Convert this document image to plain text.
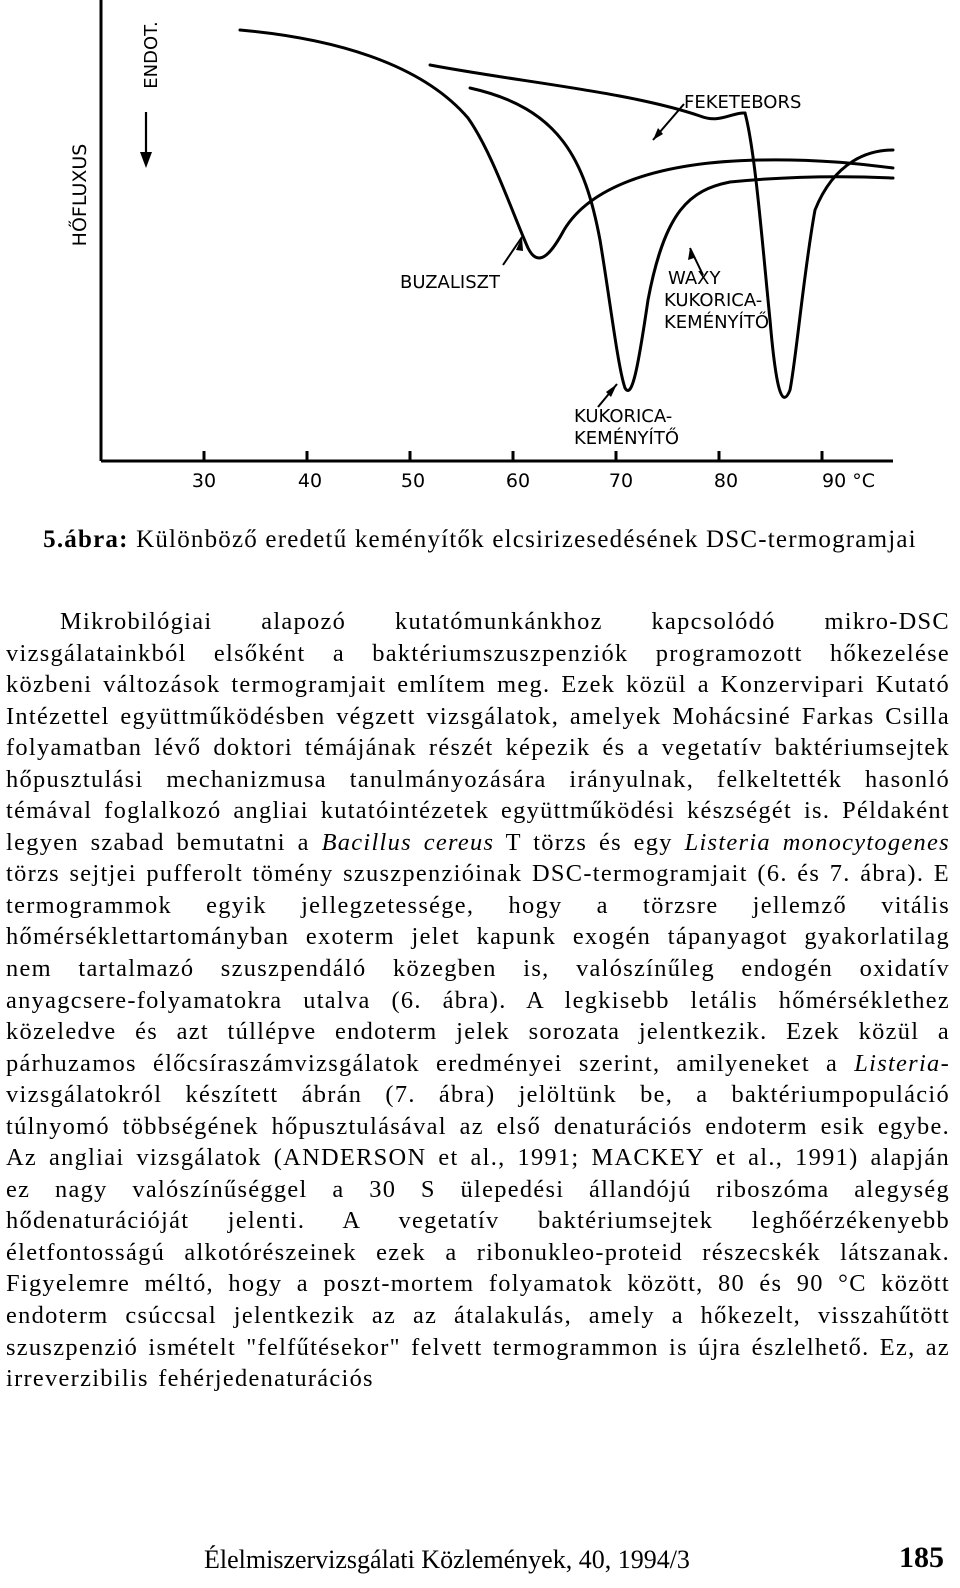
30	40	50	60	70	80	90 °C
HŐFLUXUS
ENDOT.
FEKETEBORS
BUZALISZT	WAXY
KUKORICA-
KEMÉNYÍTŐ
KUKORICA-
KEMÉNYÍTŐ
5.ábra: Különböző eredetű keményítők elcsirizesedésének DSC-termogramjai

Mikrobilógiai alapozó kutatómunkánkhoz kapcsolódó mikro-DSC vizsgálatainkból elsőként a baktériumszuszpenziók programozott hőkezelése közbeni változások termogramjait említem meg. Ezek közül a Konzervipari Kutató Intézettel együttműködésben végzett vizsgálatok, amelyek Mohácsiné Farkas Csilla folyamatban lévő doktori témájának részét képezik és a vegetatív baktériumsejtek hőpusztulási mechanizmusa tanulmányozására irányulnak, felkeltették hasonló témával foglalkozó angliai kutatóintézetek együttműködési készségét is. Példaként legyen szabad bemutatni a Bacillus cereus T törzs és egy Listeria monocytogenes törzs sejtjei pufferolt tömény szuszpenzióinak DSC-termogramjait (6. és 7. ábra). E termogrammok egyik jellegzetessége, hogy a törzsre jellemző vitális hőmérséklettartományban exoterm jelet kapunk exogén tápanyagot gyakorlatilag nem tartalmazó szuszpendáló közegben is, valószínűleg endogén oxidatív anyagcsere-folyamatokra utalva (6. ábra). A legkisebb letális hőmérséklethez közeledve és azt túllépve endoterm jelek sorozata jelentkezik. Ezek közül a párhuzamos élőcsíraszámvizsgálatok eredményei szerint, amilyeneket a Listeria-vizsgálatokról készített ábrán (7. ábra) jelöltünk be, a baktériumpopuláció túlnyomó többségének hőpusztulásával az első denaturációs endoterm esik egybe. Az angliai vizsgálatok (ANDERSON et al., 1991; MACKEY et al., 1991) alapján ez nagy valószínűséggel a 30 S ülepedési állandójú riboszóma alegység hődenaturációját jelenti. A vegetatív baktériumsejtek leghőérzékenyebb életfontosságú alkotórészeinek ezek a ribonukleo-proteid részecskék látszanak. Figyelemre méltó, hogy a poszt-mortem folyamatok között, 80 és 90 °C között endoterm csúccsal jelentkezik az az átalakulás, amely a hőkezelt, visszahűtött szuszpenzió ismételt "felfűtésekor" felvett termogrammon is újra észlelhető. Ez, az irreverzibilis fehérjedenaturációs

Élelmiszervizsgálati Közlemények, 40, 1994/3	185
